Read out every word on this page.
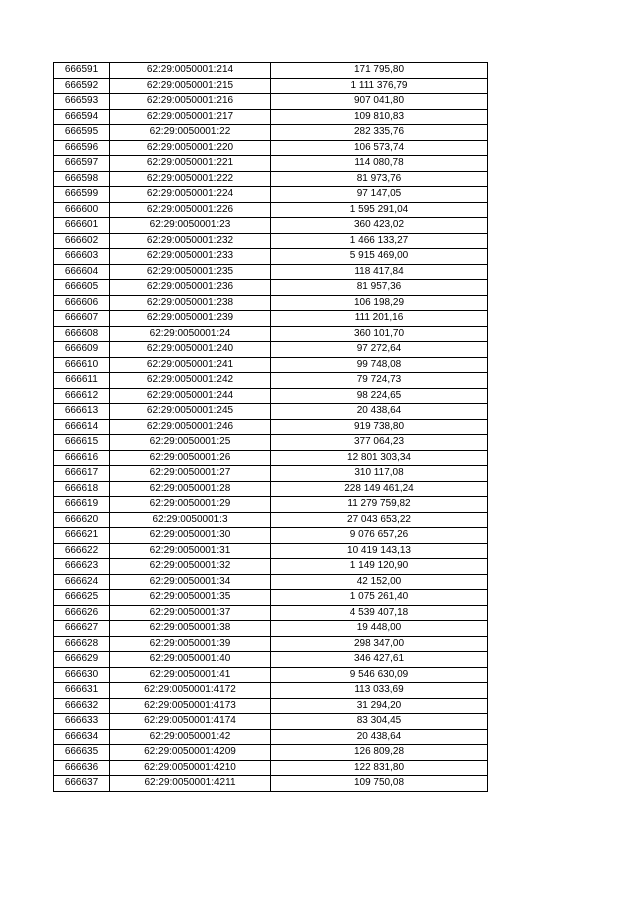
666591	62:29:0050001:214	171 795,80
666592	62:29:0050001:215	1 111 376,79
666593	62:29:0050001:216	907 041,80
666594	62:29:0050001:217	109 810,83
666595	62:29:0050001:22	282 335,76
666596	62:29:0050001:220	106 573,74
666597	62:29:0050001:221	114 080,78
666598	62:29:0050001:222	81 973,76
666599	62:29:0050001:224	97 147,05
666600	62:29:0050001:226	1 595 291,04
666601	62:29:0050001:23	360 423,02
666602	62:29:0050001:232	1 466 133,27
666603	62:29:0050001:233	5 915 469,00
666604	62:29:0050001:235	118 417,84
666605	62:29:0050001:236	81 957,36
666606	62:29:0050001:238	106 198,29
666607	62:29:0050001:239	111 201,16
666608	62:29:0050001:24	360 101,70
666609	62:29:0050001:240	97 272,64
666610	62:29:0050001:241	99 748,08
666611	62:29:0050001:242	79 724,73
666612	62:29:0050001:244	98 224,65
666613	62:29:0050001:245	20 438,64
666614	62:29:0050001:246	919 738,80
666615	62:29:0050001:25	377 064,23
666616	62:29:0050001:26	12 801 303,34
666617	62:29:0050001:27	310 117,08
666618	62:29:0050001:28	228 149 461,24
666619	62:29:0050001:29	11 279 759,82
666620	62:29:0050001:3	27 043 653,22
666621	62:29:0050001:30	9 076 657,26
666622	62:29:0050001:31	10 419 143,13
666623	62:29:0050001:32	1 149 120,90
666624	62:29:0050001:34	42 152,00
666625	62:29:0050001:35	1 075 261,40
666626	62:29:0050001:37	4 539 407,18
666627	62:29:0050001:38	19 448,00
666628	62:29:0050001:39	298 347,00
666629	62:29:0050001:40	346 427,61
666630	62:29:0050001:41	9 546 630,09
666631	62:29:0050001:4172	113 033,69
666632	62:29:0050001:4173	31 294,20
666633	62:29:0050001:4174	83 304,45
666634	62:29:0050001:42	20 438,64
666635	62:29:0050001:4209	126 809,28
666636	62:29:0050001:4210	122 831,80
666637	62:29:0050001:4211	109 750,08
